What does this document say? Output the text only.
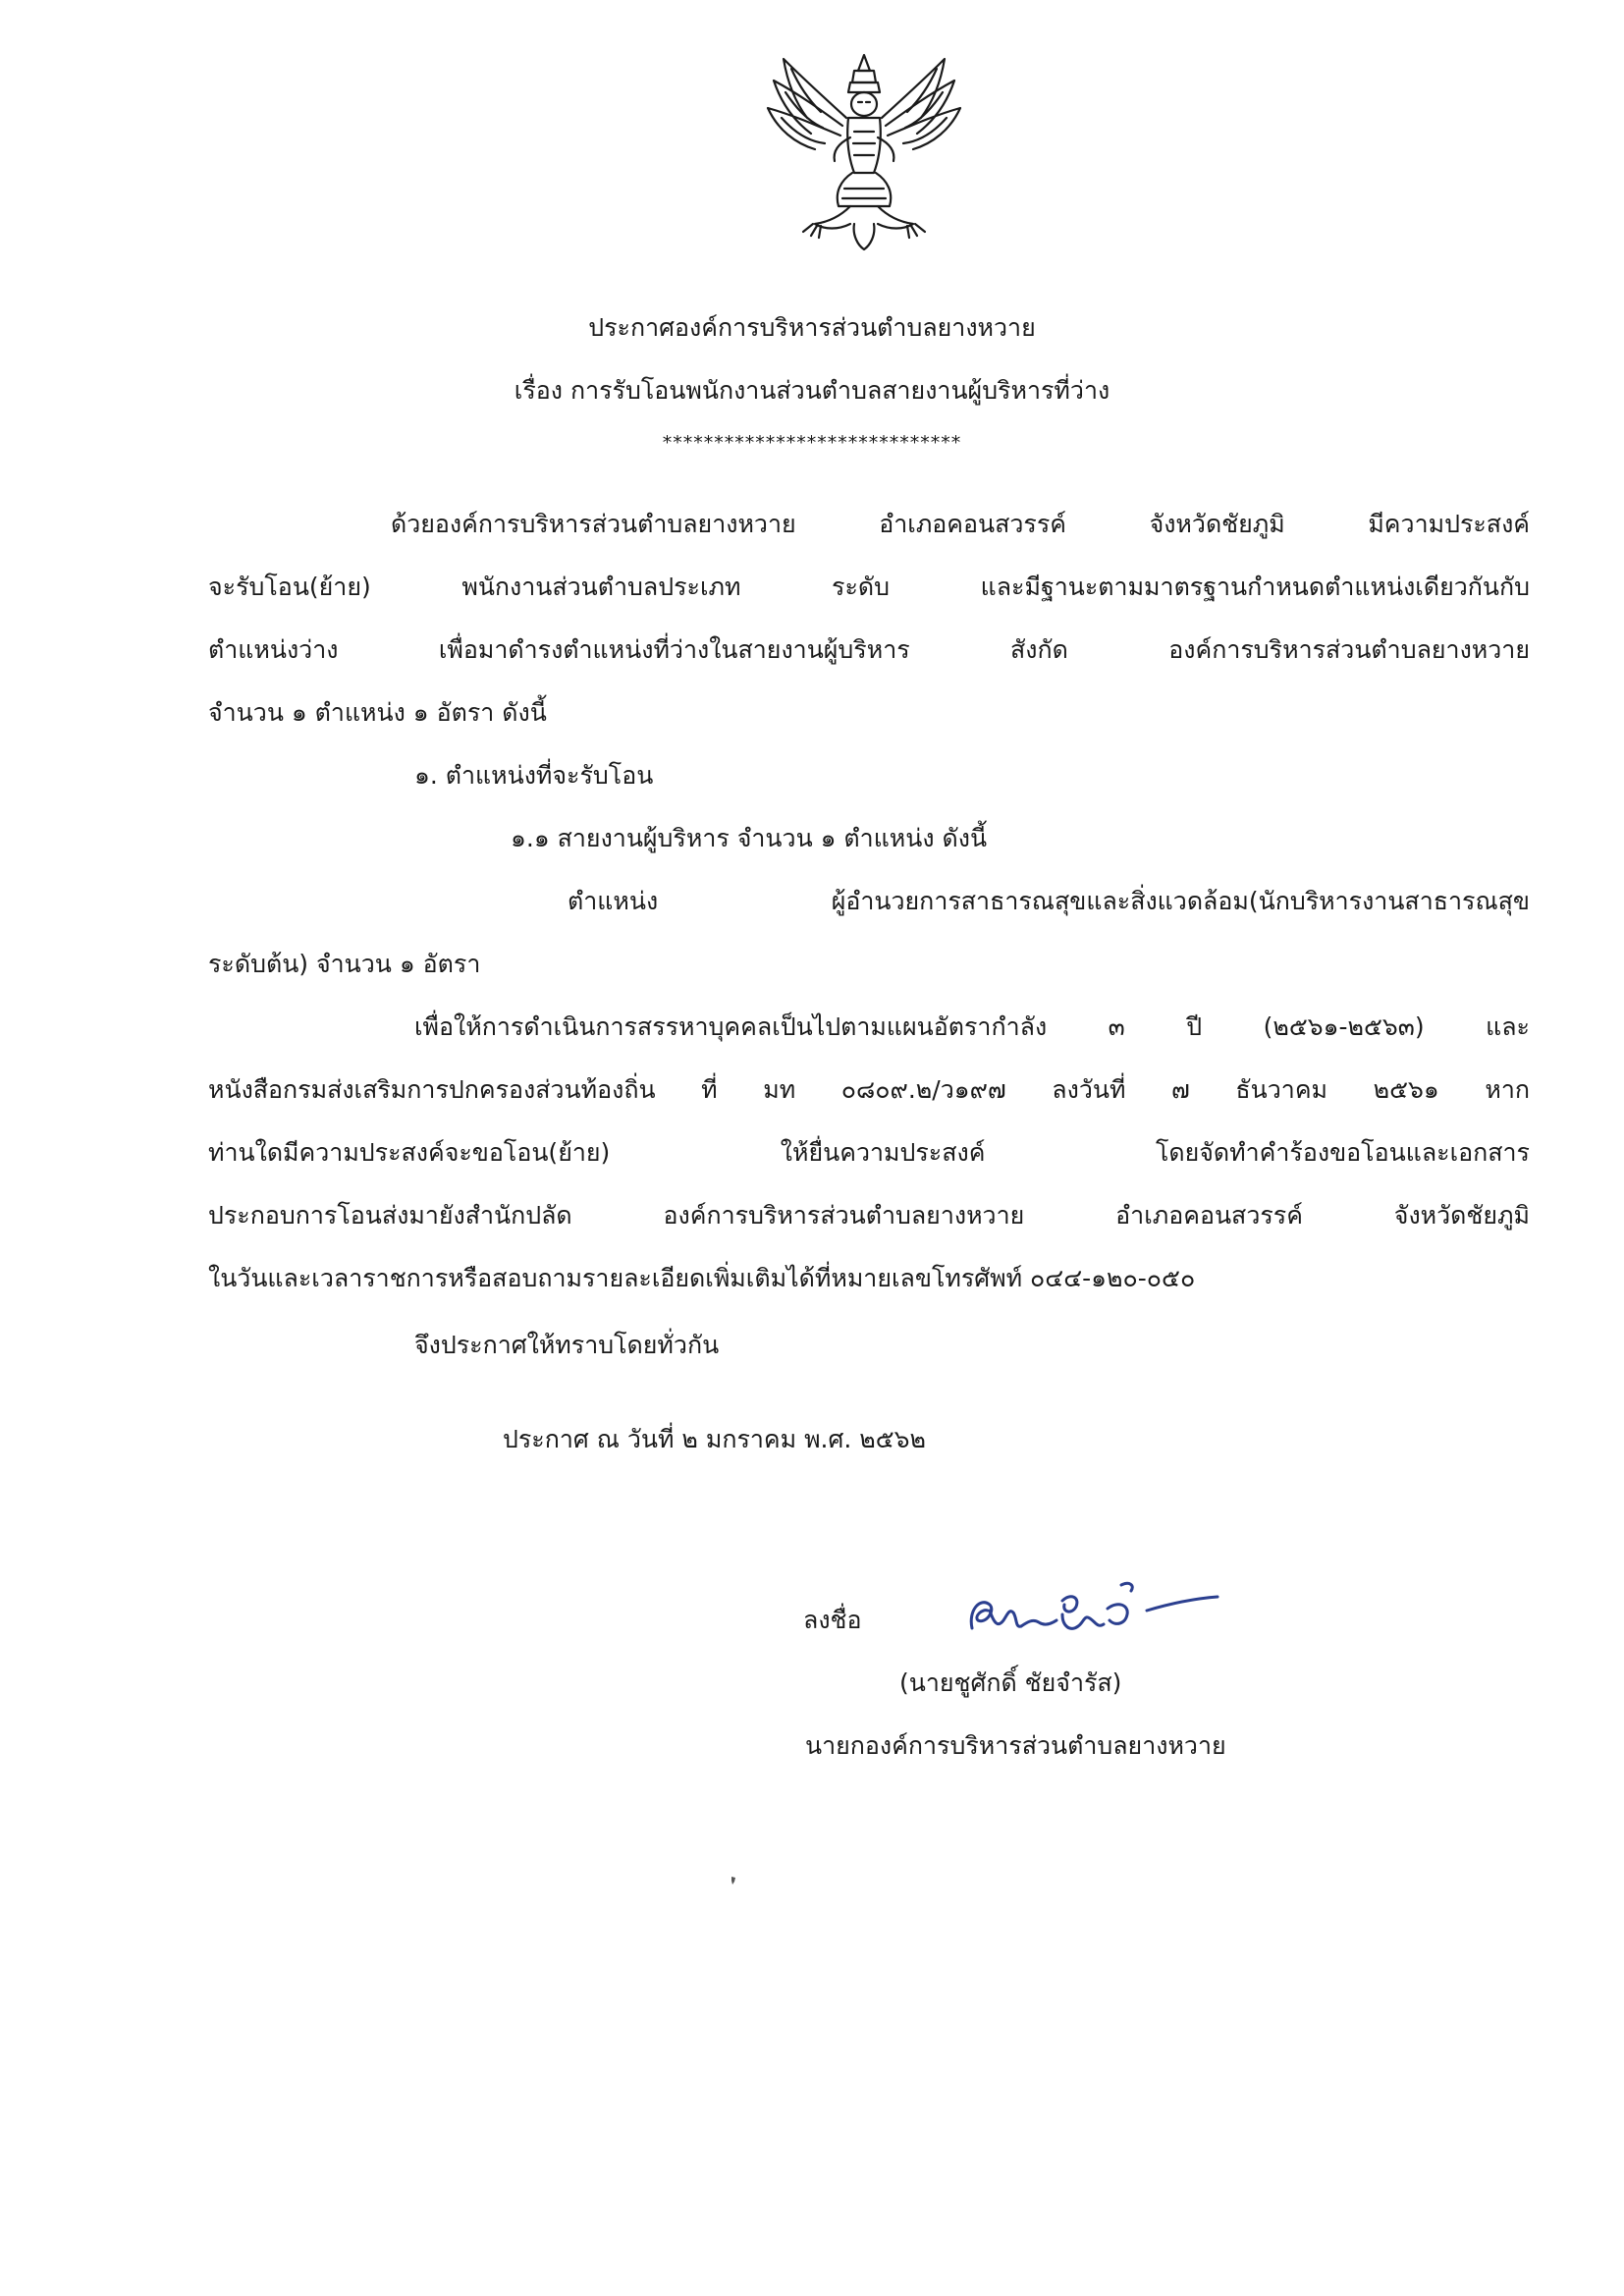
ประกาศองค์การบริหารส่วนตำบลยางหวาย
เรื่อง การรับโอนพนักงานส่วนตำบลสายงานผู้บริหารที่ว่าง
*****************************
ด้วยองค์การบริหารส่วนตำบลยางหวาย อำเภอคอนสวรรค์ จังหวัดชัยภูมิ มีความประสงค์
จะรับโอน(ย้าย) พนักงานส่วนตำบลประเภท ระดับ และมีฐานะตามมาตรฐานกำหนดตำแหน่งเดียวกันกับ
ตำแหน่งว่าง เพื่อมาดำรงตำแหน่งที่ว่างในสายงานผู้บริหาร สังกัด องค์การบริหารส่วนตำบลยางหวาย
จำนวน ๑ ตำแหน่ง ๑ อัตรา ดังนี้
๑. ตำแหน่งที่จะรับโอน
๑.๑ สายงานผู้บริหาร จำนวน ๑ ตำแหน่ง ดังนี้
ตำแหน่ง ผู้อำนวยการสาธารณสุขและสิ่งแวดล้อม(นักบริหารงานสาธารณสุข
ระดับต้น) จำนวน ๑ อัตรา
เพื่อให้การดำเนินการสรรหาบุคคลเป็นไปตามแผนอัตรากำลัง ๓ ปี (๒๕๖๑-๒๕๖๓) และ
หนังสือกรมส่งเสริมการปกครองส่วนท้องถิ่น ที่ มท ๐๘๐๙.๒/ว๑๙๗ ลงวันที่ ๗ ธันวาคม ๒๕๖๑ หาก
ท่านใดมีความประสงค์จะขอโอน(ย้าย) ให้ยื่นความประสงค์ โดยจัดทำคำร้องขอโอนและเอกสาร
ประกอบการโอนส่งมายังสำนักปลัด องค์การบริหารส่วนตำบลยางหวาย อำเภอคอนสวรรค์ จังหวัดชัยภูมิ
ในวันและเวลาราชการหรือสอบถามรายละเอียดเพิ่มเติมได้ที่หมายเลขโทรศัพท์ ๐๔๔-๑๒๐-๐๕๐
จึงประกาศให้ทราบโดยทั่วกัน
ประกาศ ณ วันที่ ๒ มกราคม พ.ศ. ๒๕๖๒
ลงชื่อ
(นายชูศักดิ์ ชัยจำรัส)
นายกองค์การบริหารส่วนตำบลยางหวาย
